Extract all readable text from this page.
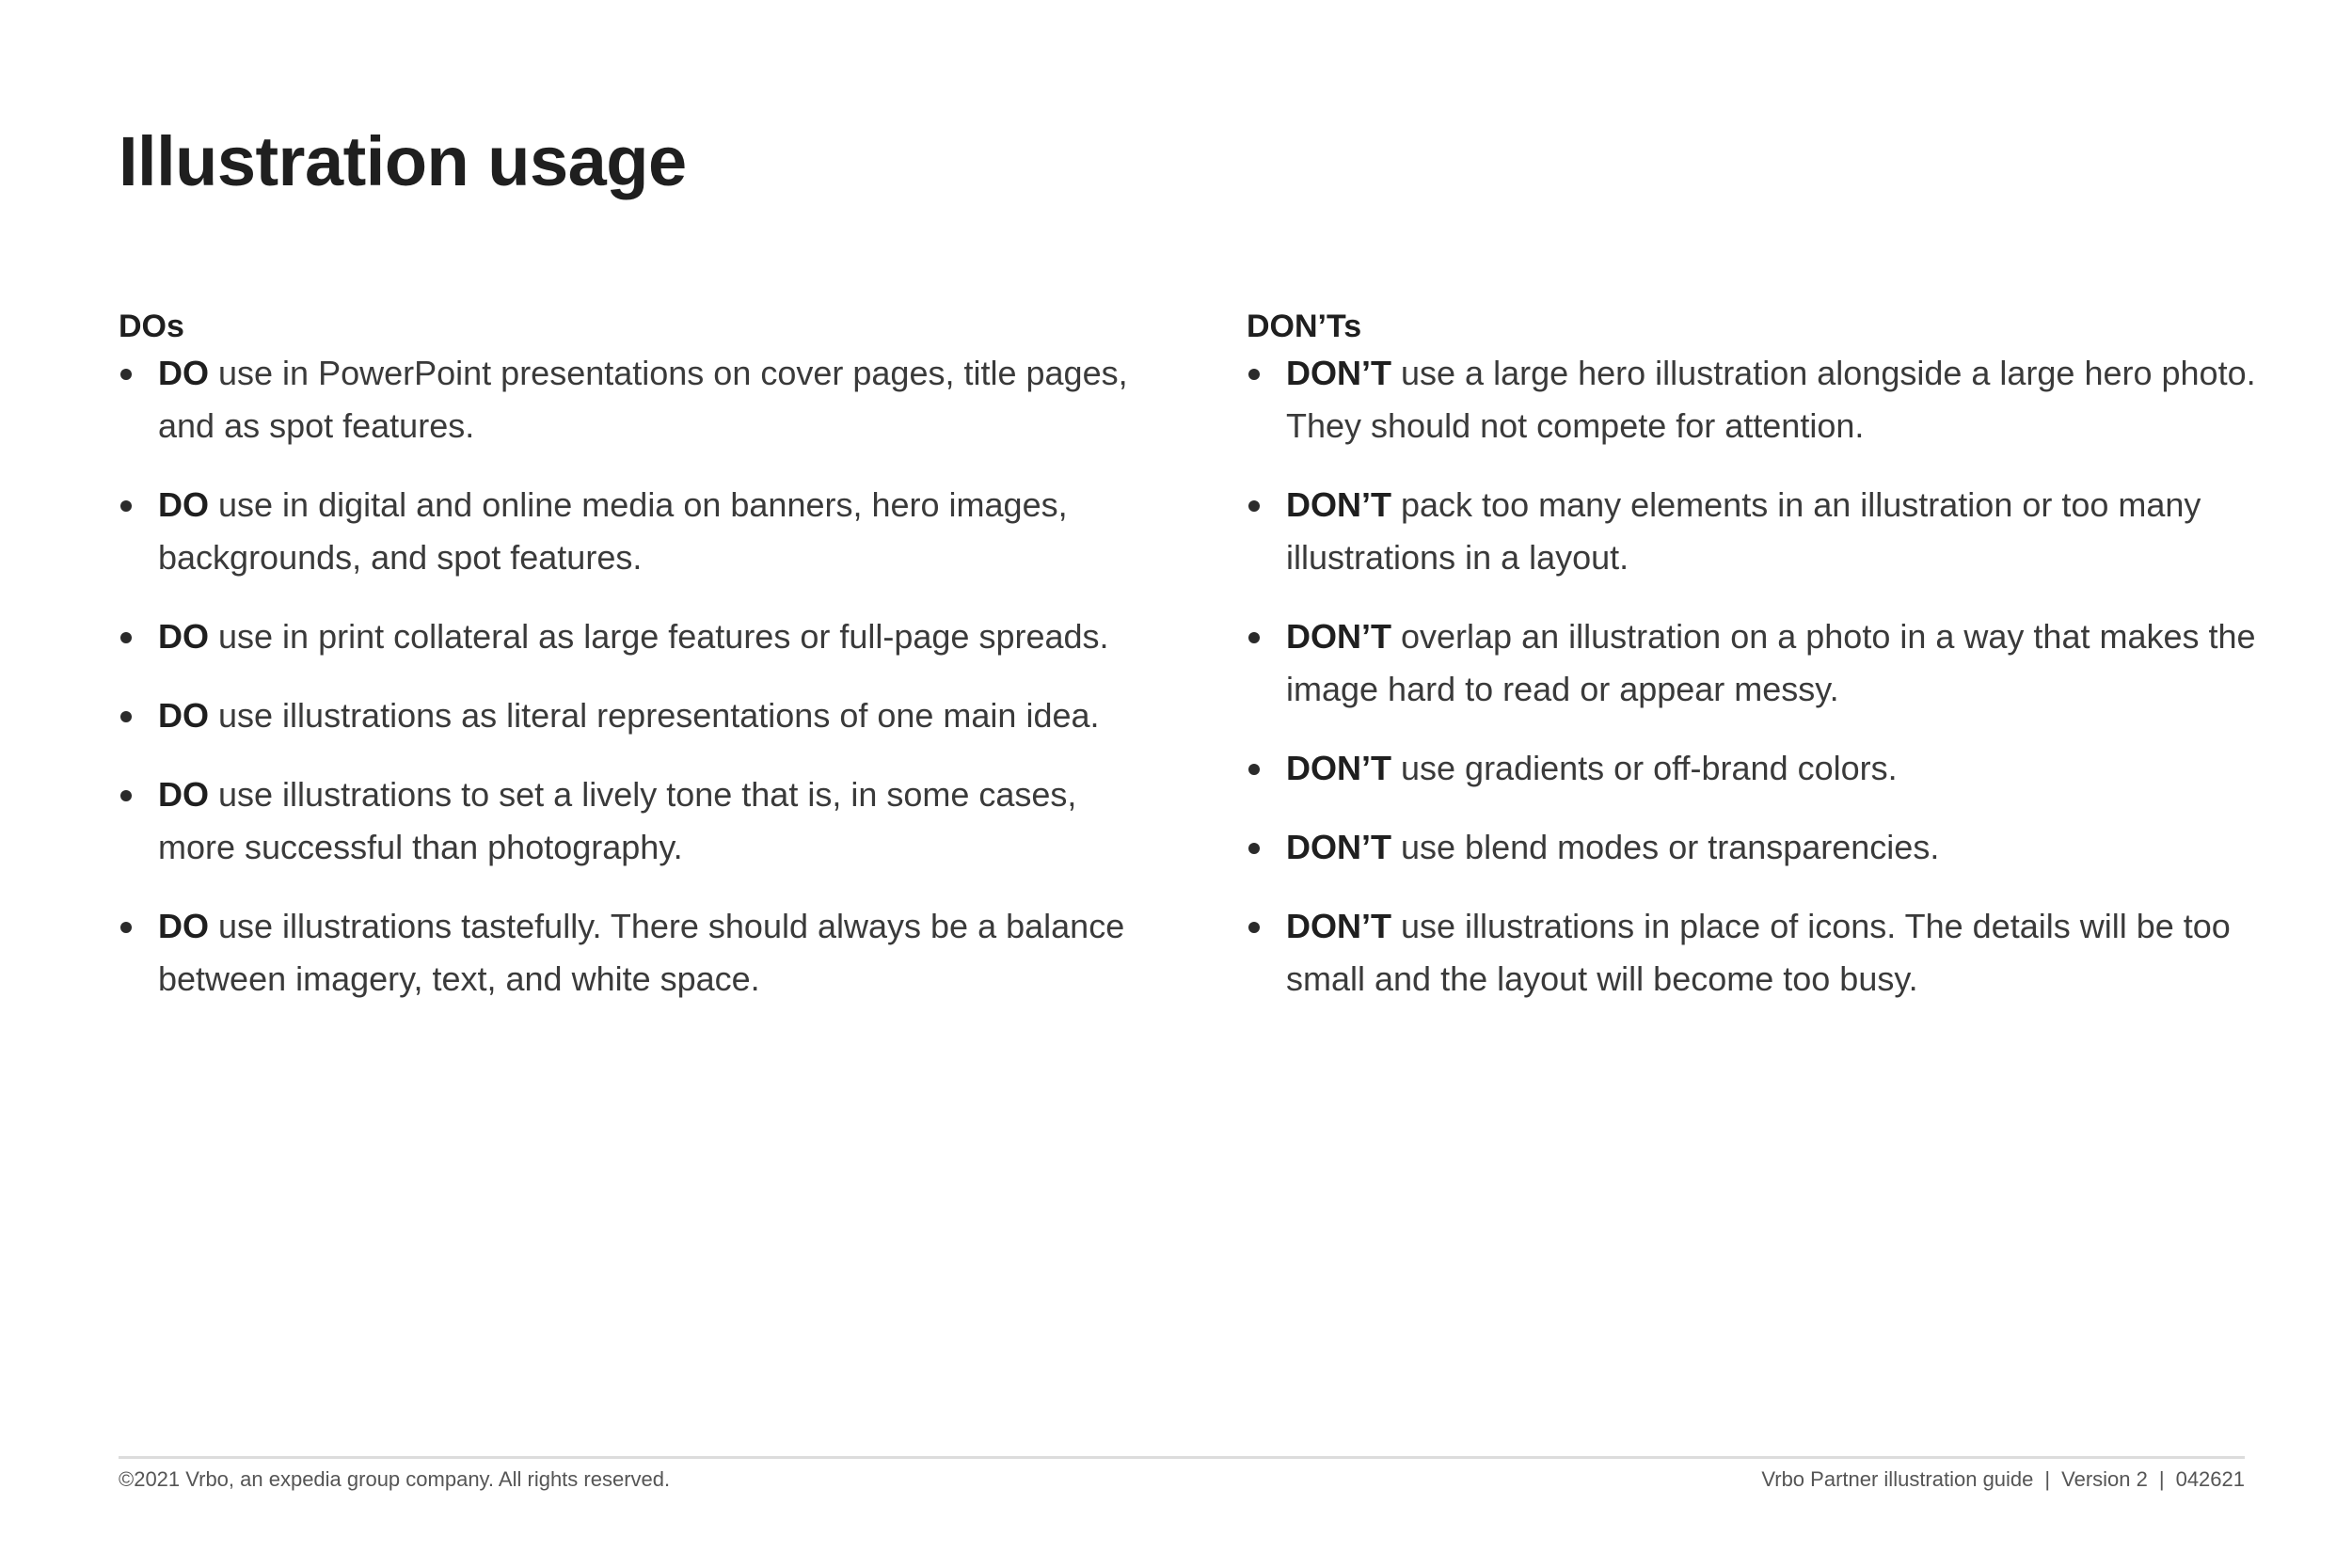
Illustration usage
DOs
DO use in PowerPoint presentations on cover pages, title pages, and as spot features.
DO use in digital and online media on banners, hero images, backgrounds, and spot features.
DO use in print collateral as large features or full-page spreads.
DO use illustrations as literal representations of one main idea.
DO use illustrations to set a lively tone that is, in some cases, more successful than photography.
DO use illustrations tastefully. There should always be a balance between imagery, text, and white space.
DON’Ts
DON’T use a large hero illustration alongside a large hero photo. They should not compete for attention.
DON’T pack too many elements in an illustration or too many illustrations in a layout.
DON’T overlap an illustration on a photo in a way that makes the image hard to read or appear messy.
DON’T use gradients or off-brand colors.
DON’T use blend modes or transparencies.
DON’T use illustrations in place of icons. The details will be too small and the layout will become too busy.
©2021 Vrbo, an expedia group company. All rights reserved.	Vrbo Partner illustration guide | Version 2 | 042621
